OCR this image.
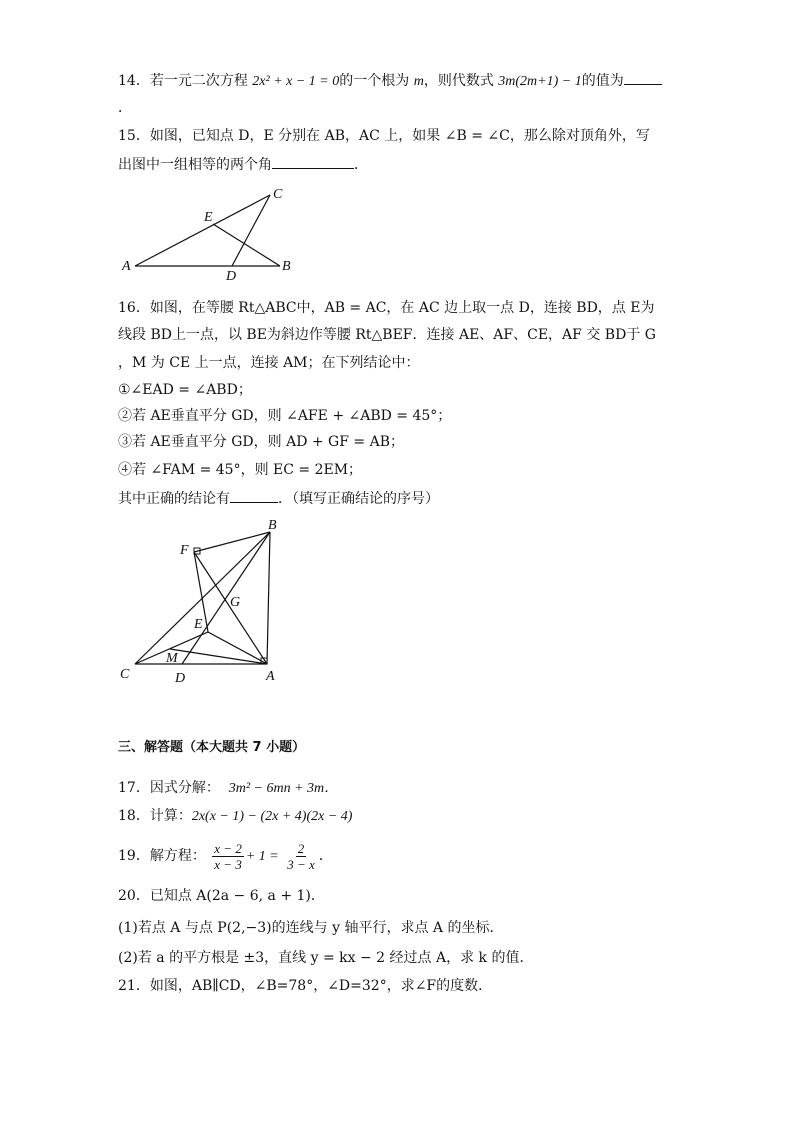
14．若一元二次方程 2x² + x − 1 = 0的一个根为 m，则代数式 3m(2m+1) − 1的值为
．
15．如图，已知点 D，E 分别在 AB，AC 上，如果 ∠B = ∠C，那么除对顶角外，写
出图中一组相等的两个角	．
A	B
C
D
E
16．如图，在等腰 Rt△ABC中，AB = AC，在 AC 边上取一点 D，连接 BD，点 E为
线段 BD上一点，以 BE为斜边作等腰 Rt△BEF．连接 AE、AF、CE，AF 交 BD于 G
，M 为 CE 上一点，连接 AM；在下列结论中：
①∠EAD = ∠ABD；
②若 AE垂直平分 GD，则 ∠AFE + ∠ABD = 45°；
③若 AE垂直平分 GD，则 AD + GF = AB；
④若 ∠FAM = 45°，则 EC = 2EM；
其中正确的结论有	．（填写正确结论的序号）
A
B
C	D
E
F
G
M
三、解答题（本大题共 7 小题）
17．因式分解： 3m² − 6mn + 3m．
18．计算：2x(x − 1) − (2x + 4)(2x − 4)
19．解方程： $\frac{x - 2}{x - 3} + 1 = \frac{2}{3 - x}$ ．
20．已知点 A(2a − 6, a + 1)．
(1)若点 A 与点 P(2,−3)的连线与 y 轴平行，求点 A 的坐标．
(2)若 a 的平方根是 ±3，直线 y = kx − 2 经过点 A，求 k 的值．
21．如图，AB∥CD，∠B=78°，∠D=32°，求∠F的度数．
